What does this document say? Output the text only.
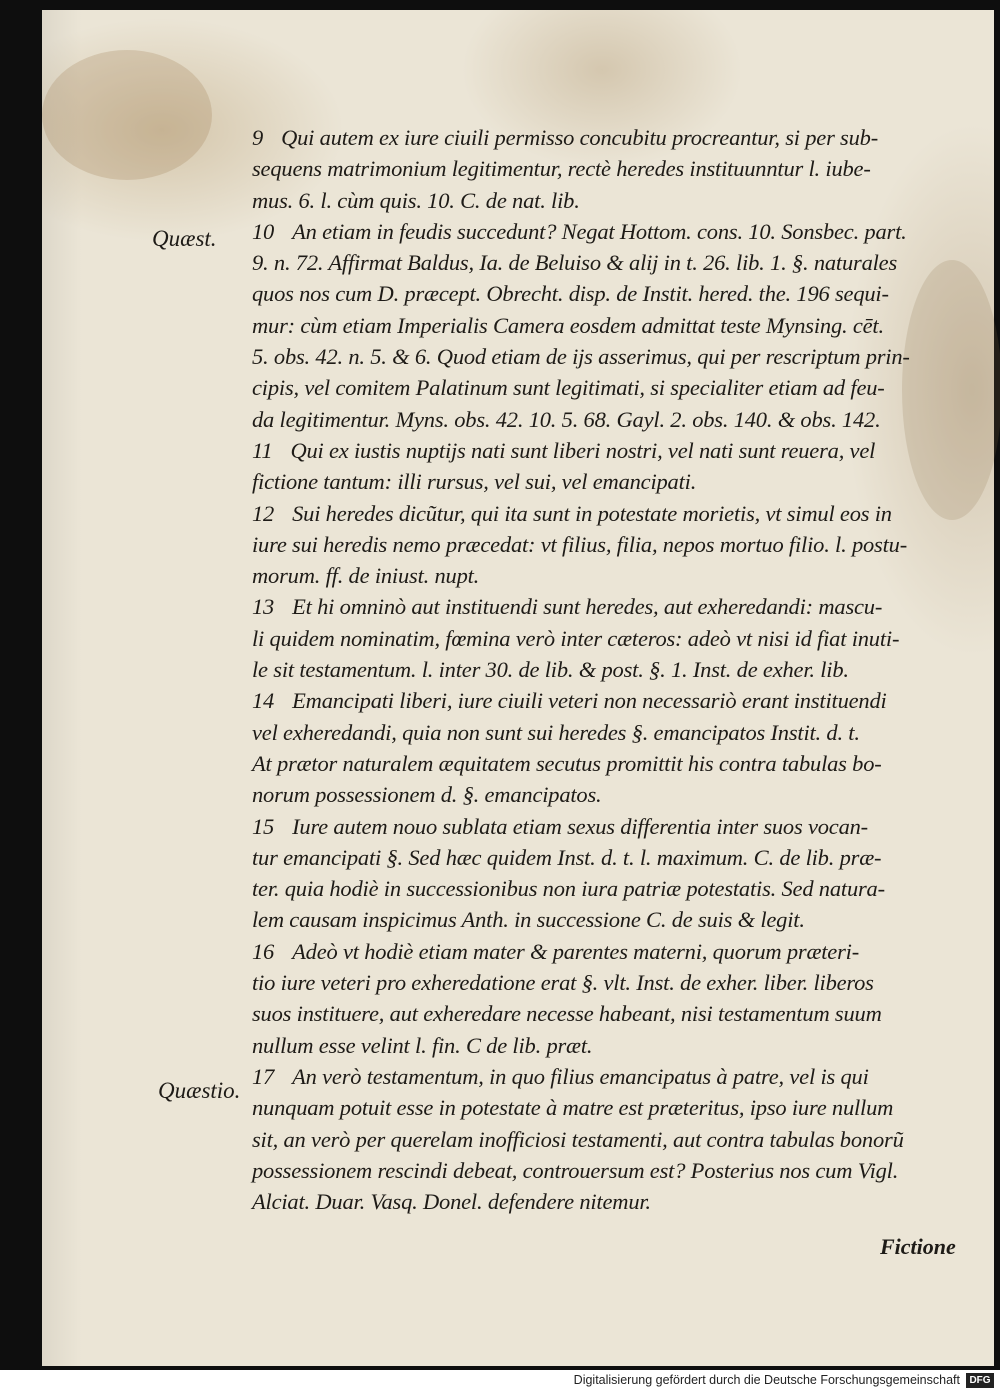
Quæst.
Quæstio.
9 Qui autem ex iure ciuili permisso concubitu procreantur, si per sub-
sequens matrimonium legitimentur, rectè heredes instituunntur l. iube-
mus. 6. l. cùm quis. 10. C. de nat. lib.
10 An etiam in feudis succedunt? Negat Hottom. cons. 10. Sonsbec. part.
9. n. 72. Affirmat Baldus, Ia. de Beluiso & alij in t. 26. lib. 1. §. naturales
quos nos cum D. præcept. Obrecht. disp. de Instit. hered. the. 196 sequi-
mur: cùm etiam Imperialis Camera eosdem admittat teste Mynsing. cēt.
5. obs. 42. n. 5. & 6. Quod etiam de ijs asserimus, qui per rescriptum prin-
cipis, vel comitem Palatinum sunt legitimati, si specialiter etiam ad feu-
da legitimentur. Myns. obs. 42. 10. 5. 68. Gayl. 2. obs. 140. & obs. 142.
11 Qui ex iustis nuptijs nati sunt liberi nostri, vel nati sunt reuera, vel
fictione tantum: illi rursus, vel sui, vel emancipati.
12 Sui heredes dicũtur, qui ita sunt in potestate morietis, vt simul eos in
iure sui heredis nemo præcedat: vt filius, filia, nepos mortuo filio. l. postu-
morum. ff. de iniust. nupt.
13 Et hi omninò aut instituendi sunt heredes, aut exheredandi: mascu-
li quidem nominatim, fœmina verò inter cæteros: adeò vt nisi id fiat inuti-
le sit testamentum. l. inter 30. de lib. & post. §. 1. Inst. de exher. lib.
14 Emancipati liberi, iure ciuili veteri non necessariò erant instituendi
vel exheredandi, quia non sunt sui heredes §. emancipatos Instit. d. t.
At prætor naturalem æquitatem secutus promittit his contra tabulas bo-
norum possessionem d. §. emancipatos.
15 Iure autem nouo sublata etiam sexus differentia inter suos vocan-
tur emancipati §. Sed hæc quidem Inst. d. t. l. maximum. C. de lib. præ-
ter. quia hodiè in successionibus non iura patriæ potestatis. Sed natura-
lem causam inspicimus Anth. in successione C. de suis & legit.
16 Adeò vt hodiè etiam mater & parentes materni, quorum præteri-
tio iure veteri pro exheredatione erat §. vlt. Inst. de exher. liber. liberos
suos instituere, aut exheredare necesse habeant, nisi testamentum suum
nullum esse velint l. fin. C de lib. præt.
17 An verò testamentum, in quo filius emancipatus à patre, vel is qui
nunquam potuit esse in potestate à matre est præteritus, ipso iure nullum
sit, an verò per querelam inofficiosi testamenti, aut contra tabulas bonorũ
possessionem rescindi debeat, controuersum est? Posterius nos cum Vigl.
Alciat. Duar. Vasq. Donel. defendere nitemur.
Fictione
Digitalisierung gefördert durch die Deutsche Forschungsgemeinschaft DFG
